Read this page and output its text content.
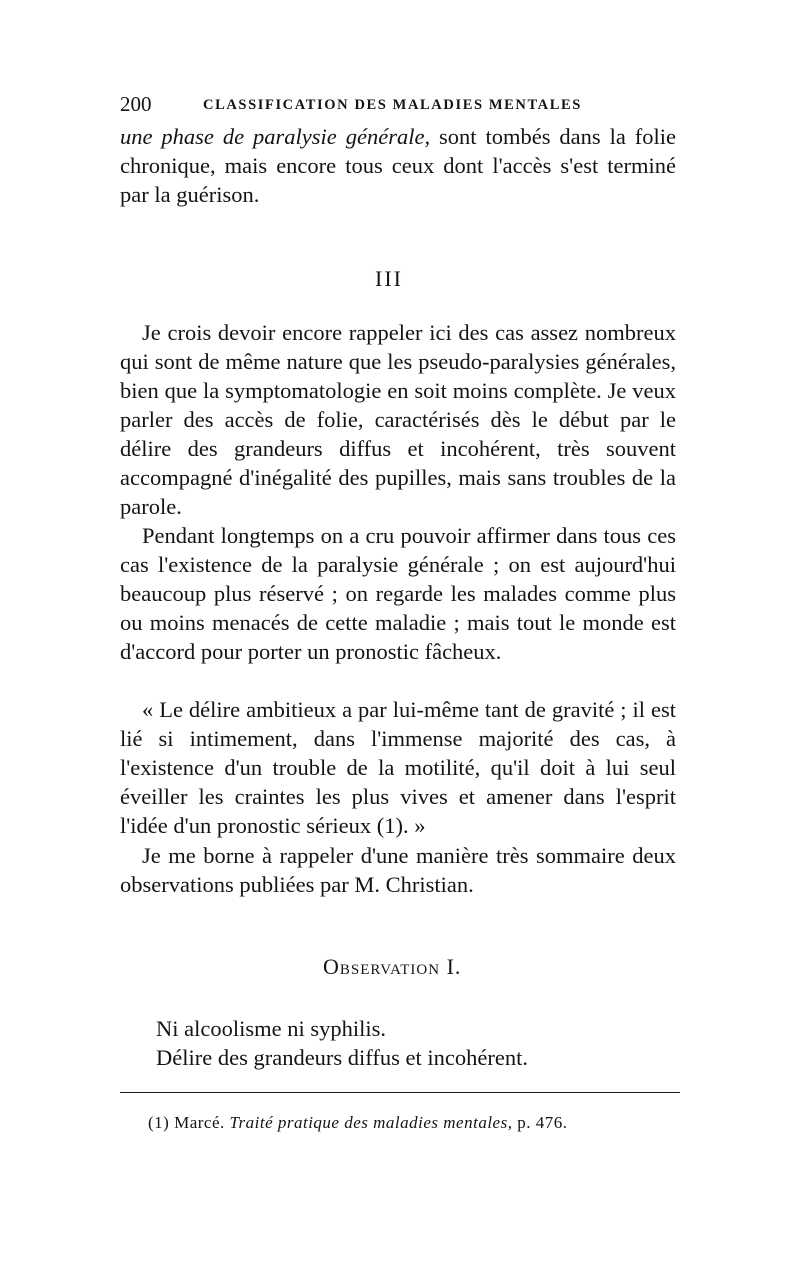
200	CLASSIFICATION DES MALADIES MENTALES

une phase de paralysie générale, sont tombés dans la folie chronique, mais encore tous ceux dont l'accès s'est terminé par la guérison.

III

Je crois devoir encore rappeler ici des cas assez nombreux qui sont de même nature que les pseudo-paralysies générales, bien que la symptomatologie en soit moins complète. Je veux parler des accès de folie, caractérisés dès le début par le délire des grandeurs diffus et incohérent, très souvent accompagné d'inégalité des pupilles, mais sans troubles de la parole.

Pendant longtemps on a cru pouvoir affirmer dans tous ces cas l'existence de la paralysie générale ; on est aujourd'hui beaucoup plus réservé ; on regarde les malades comme plus ou moins menacés de cette maladie ; mais tout le monde est d'accord pour porter un pronostic fâcheux.

« Le délire ambitieux a par lui-même tant de gravité ; il est lié si intimement, dans l'immense majorité des cas, à l'existence d'un trouble de la motilité, qu'il doit à lui seul éveiller les craintes les plus vives et amener dans l'esprit l'idée d'un pronostic sérieux (1). »

Je me borne à rappeler d'une manière très sommaire deux observations publiées par M. Christian.

Observation I.
Ni alcoolisme ni syphilis.
Délire des grandeurs diffus et incohérent.
(1) Marcé. Traité pratique des maladies mentales, p. 476.
